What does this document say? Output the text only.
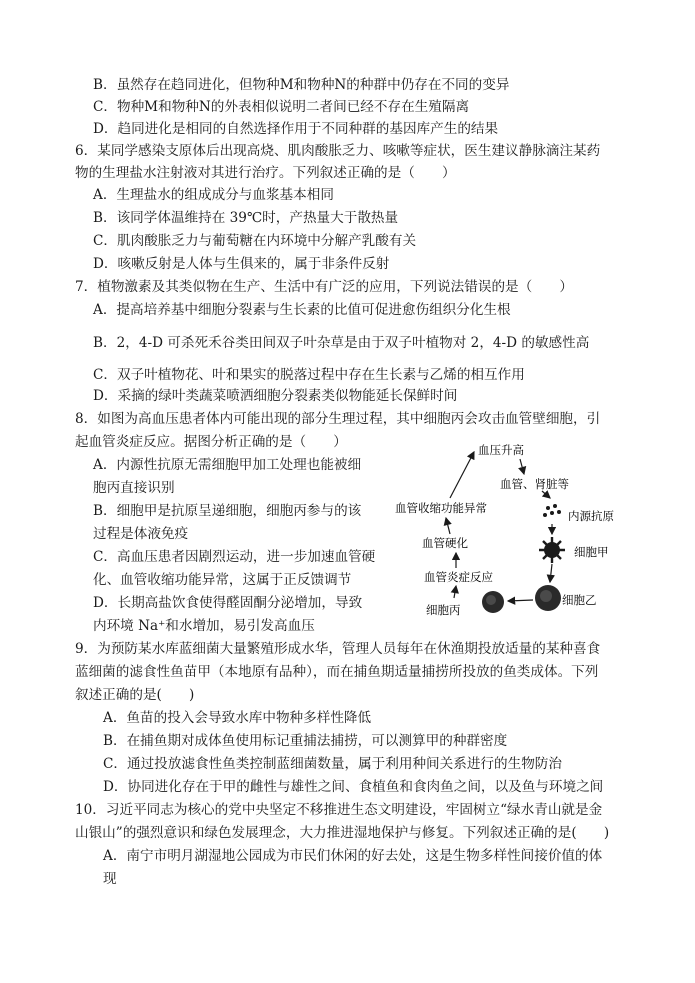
B．虽然存在趋同进化，但物种M和物种N的种群中仍存在不同的变异
C．物种M和物种N的外表相似说明二者间已经不存在生殖隔离
D．趋同进化是相同的自然选择作用于不同种群的基因库产生的结果
6．某同学感染支原体后出现高烧、肌肉酸胀乏力、咳嗽等症状，医生建议静脉滴注某药
物的生理盐水注射液对其进行治疗。下列叙述正确的是（　　）
A．生理盐水的组成成分与血浆基本相同
B．该同学体温维持在 39℃时，产热量大于散热量
C．肌肉酸胀乏力与葡萄糖在内环境中分解产乳酸有关
D．咳嗽反射是人体与生俱来的，属于非条件反射
7．植物激素及其类似物在生产、生活中有广泛的应用，下列说法错误的是（　　）
A．提高培养基中细胞分裂素与生长素的比值可促进愈伤组织分化生根
B．2，4-D 可杀死禾谷类田间双子叶杂草是由于双子叶植物对 2，4-D 的敏感性高
C．双子叶植物花、叶和果实的脱落过程中存在生长素与乙烯的相互作用
D．采摘的绿叶类蔬菜喷洒细胞分裂素类似物能延长保鲜时间
8．如图为高血压患者体内可能出现的部分生理过程，其中细胞丙会攻击血管壁细胞，引
起血管炎症反应。据图分析正确的是（　　）
A．内源性抗原无需细胞甲加工处理也能被细
胞丙直接识别
B．细胞甲是抗原呈递细胞，细胞丙参与的该
过程是体液免疫
C．高血压患者因剧烈运动，进一步加速血管硬
化、血管收缩功能异常，这属于正反馈调节
D．长期高盐饮食使得醛固酮分泌增加，导致
内环境 Na⁺和水增加，易引发高血压
血压升高
血管、肾脏等
内源抗原
细胞甲
细胞乙
细胞丙
血管炎症反应
血管硬化
血管收缩功能异常
9．为预防某水库蓝细菌大量繁殖形成水华，管理人员每年在休渔期投放适量的某种喜食
蓝细菌的滤食性鱼苗甲（本地原有品种），而在捕鱼期适量捕捞所投放的鱼类成体。下列
叙述正确的是(　　)
A．鱼苗的投入会导致水库中物种多样性降低
B．在捕鱼期对成体鱼使用标记重捕法捕捞，可以测算甲的种群密度
C．通过投放滤食性鱼类控制蓝细菌数量，属于利用种间关系进行的生物防治
D．协同进化存在于甲的雌性与雄性之间、食植鱼和食肉鱼之间，以及鱼与环境之间
10．习近平同志为核心的党中央坚定不移推进生态文明建设，牢固树立“绿水青山就是金
山银山”的强烈意识和绿色发展理念，大力推进湿地保护与修复。下列叙述正确的是(　　)
A．南宁市明月湖湿地公园成为市民们休闲的好去处，这是生物多样性间接价值的体
现
